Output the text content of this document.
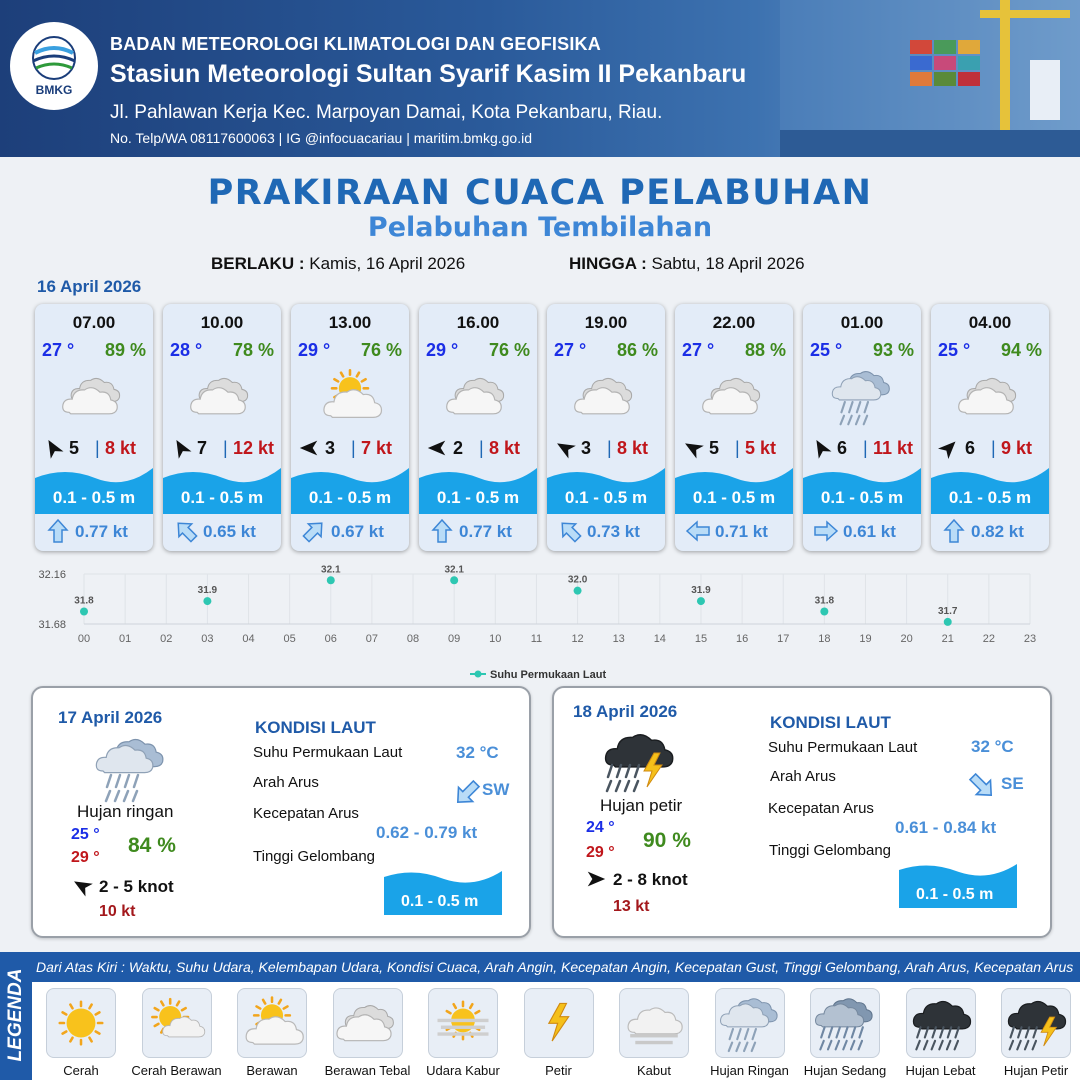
BMKG
BADAN METEOROLOGI KLIMATOLOGI DAN GEOFISIKA
Stasiun Meteorologi Sultan Syarif Kasim II Pekanbaru
Jl. Pahlawan Kerja Kec. Marpoyan Damai, Kota Pekanbaru, Riau.
No. Telp/WA 08117600063 | IG @infocuacariau | maritim.bmkg.go.id
PRAKIRAAN CUACA PELABUHAN
Pelabuhan Tembilahan
BERLAKU : Kamis, 16 April 2026	HINGGA : Sabtu, 18 April 2026
16 April 2026
07.00
27 ° 89 %
5 | 8 kt
0.1 - 0.5 m
0.77 kt
10.00
28 ° 78 %
7 | 12 kt
0.1 - 0.5 m
0.65 kt
13.00
29 ° 76 %
3 | 7 kt
0.1 - 0.5 m
0.67 kt
16.00
29 ° 76 %
2 | 8 kt
0.1 - 0.5 m
0.77 kt
19.00
27 ° 86 %
3 | 8 kt
0.1 - 0.5 m
0.73 kt
22.00
27 ° 88 %
5 | 5 kt
0.1 - 0.5 m
0.71 kt
01.00
25 ° 93 %
6 | 11 kt
0.1 - 0.5 m
0.61 kt
04.00
25 ° 94 %
6 | 9 kt
0.1 - 0.5 m
0.82 kt
00	01	02	03	04	05	06	07	08	09	10	11	12	13	14	15	16	17	18	19	20	21	22	23
32.16
31.68
31.8
31.9
32.1	32.1
32.0
31.9
31.8
31.7
Suhu Permukaan Laut
17 April 2026
Hujan ringan
25 °
29 °
84 %
2 - 5 knot
10 kt
KONDISI LAUT
Suhu Permukaan Laut	32 °C
Arah Arus	SW
Kecepatan Arus
0.62 - 0.79 kt
Tinggi Gelombang
0.1 - 0.5 m
18 April 2026
Hujan petir
24 °
29 °
90 %
2 - 8 knot
13 kt
KONDISI LAUT
Suhu Permukaan Laut	32 °C
Arah Arus	SE
Kecepatan Arus
0.61 - 0.84 kt
Tinggi Gelombang
0.1 - 0.5 m
LEGENDA
Dari Atas Kiri : Waktu, Suhu Udara, Kelembapan Udara, Kondisi Cuaca, Arah Angin, Kecepatan Angin, Kecepatan Gust, Tinggi Gelombang, Arah Arus, Kecepatan Arus
Cerah	Cerah Berawan	Berawan	Berawan Tebal	Udara Kabur	Petir	Kabut	Hujan Ringan	Hujan Sedang	Hujan Lebat	Hujan Petir
